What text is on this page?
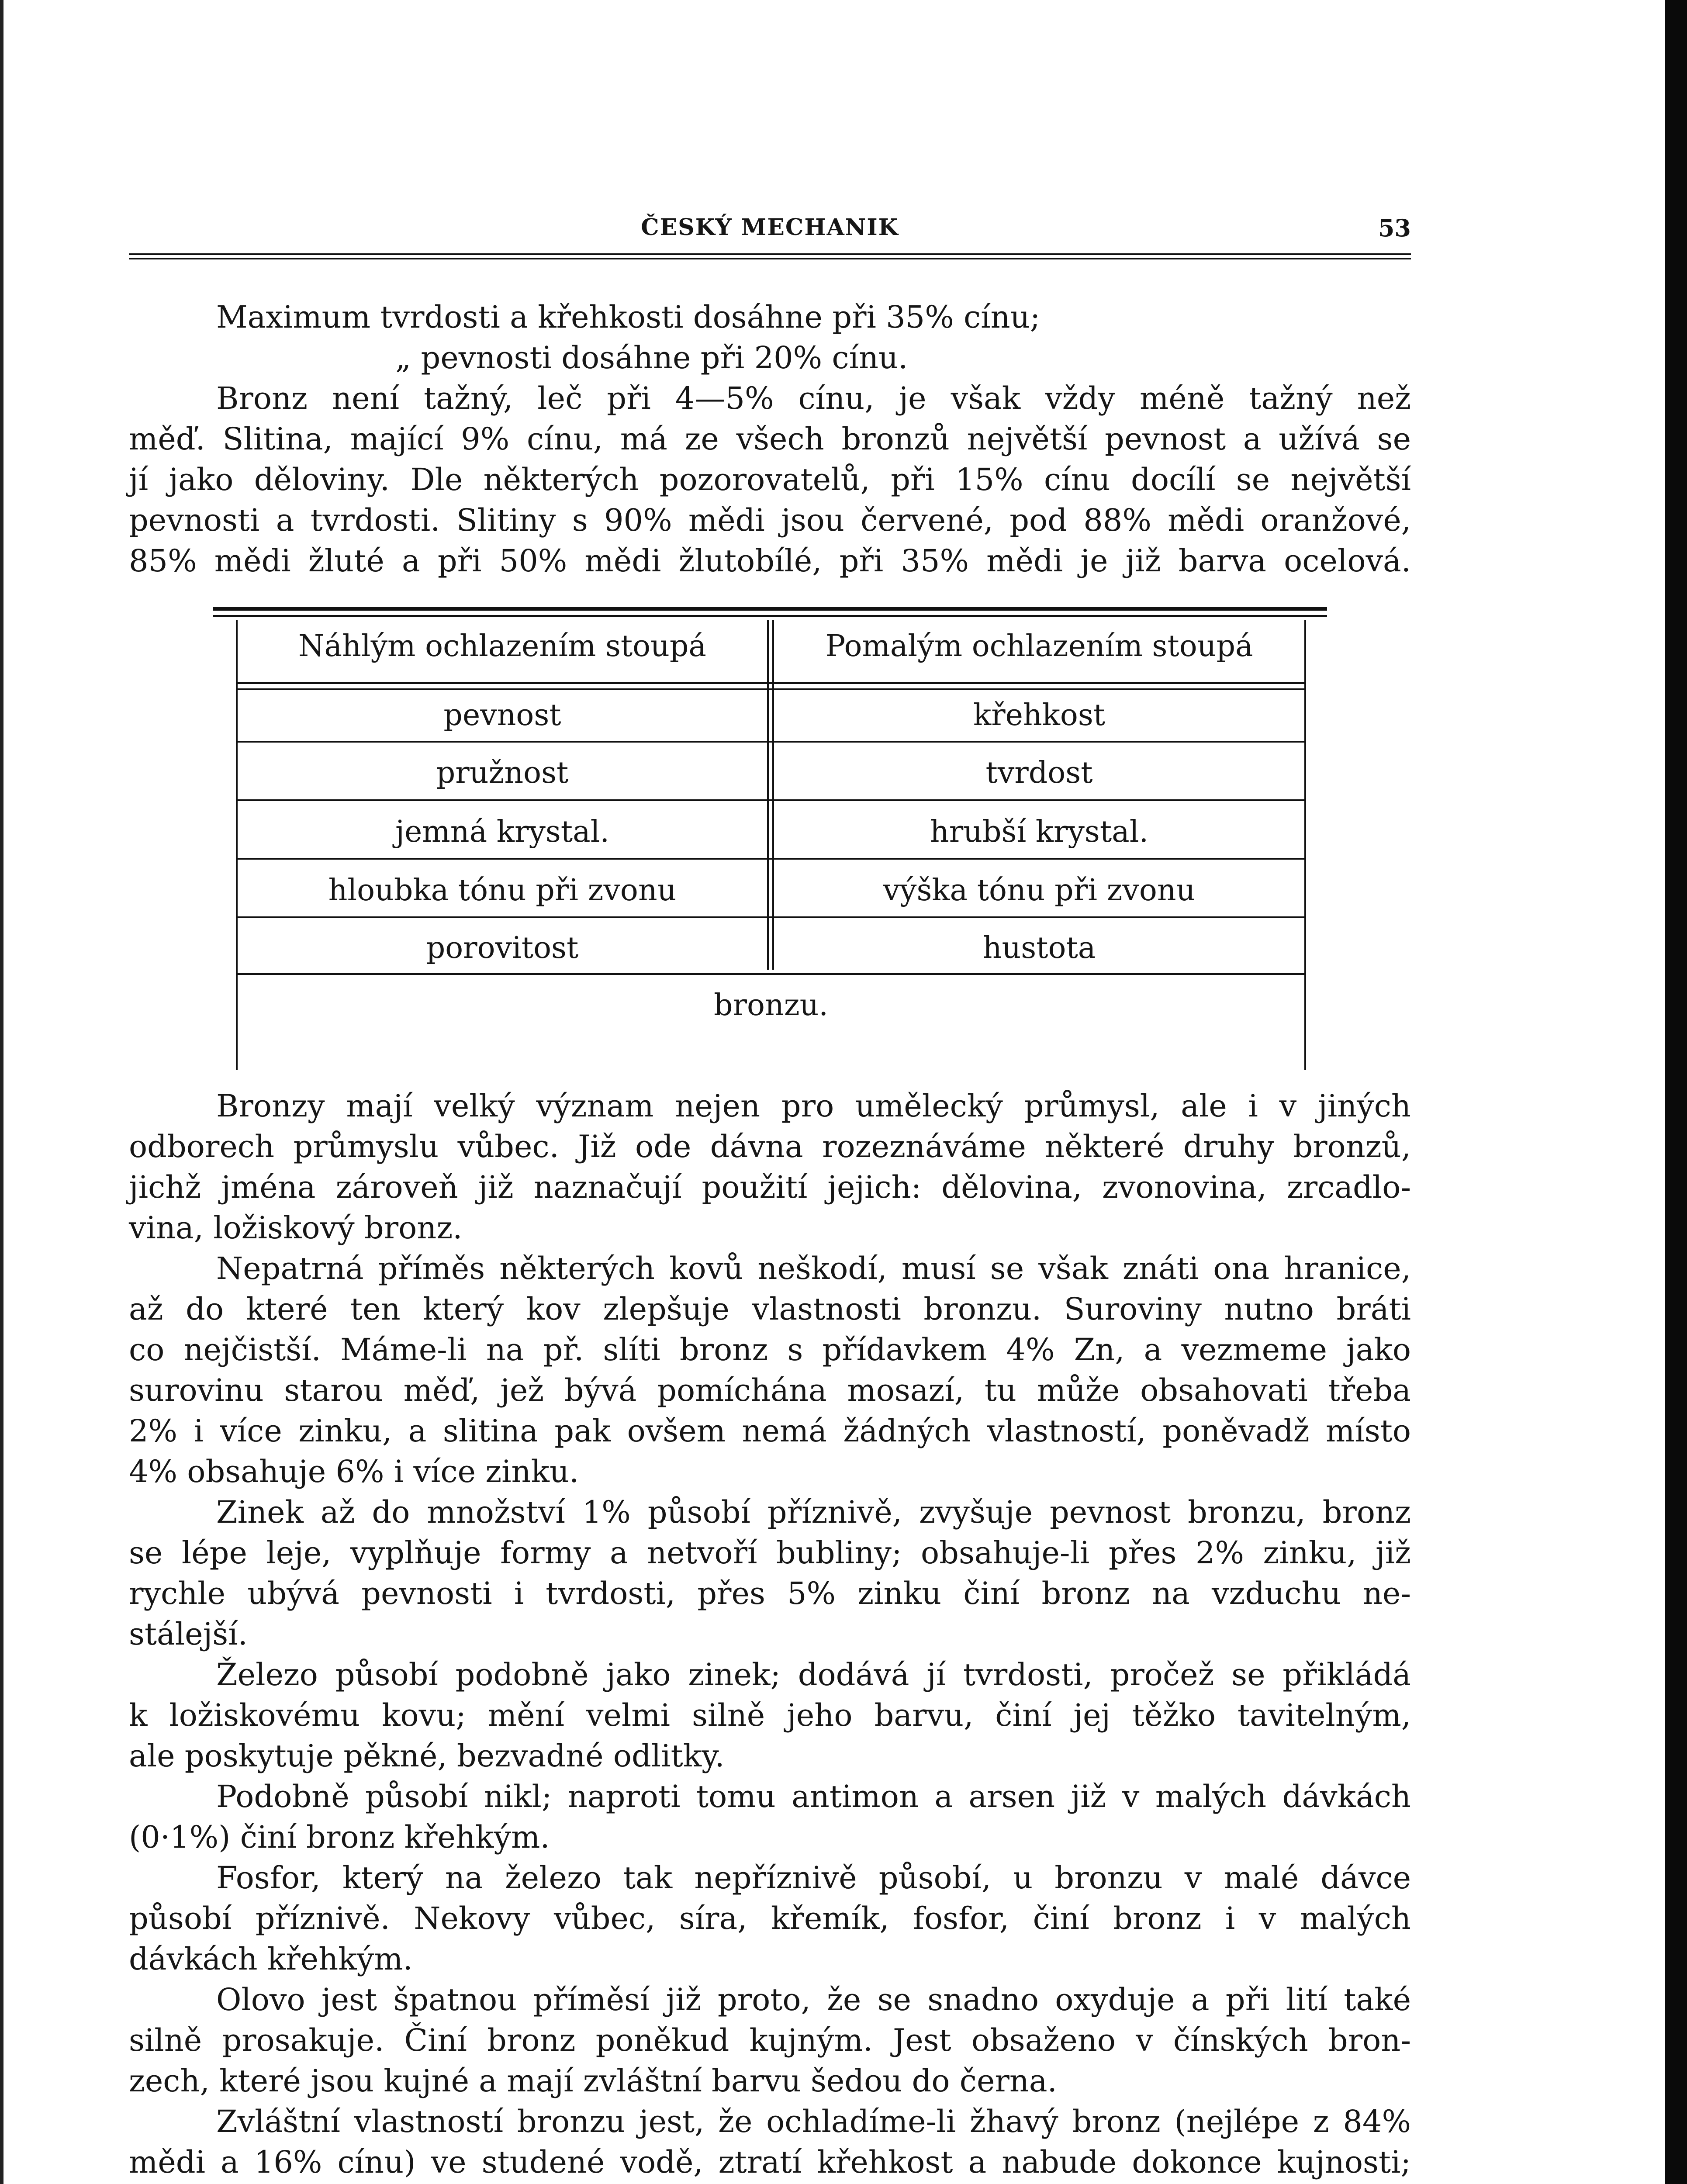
ČESKÝ MECHANIK	53
Maximum tvrdosti a křehkosti dosáhne při 35% cínu;
„ pevnosti dosáhne při 20% cínu.
Bronz není tažný, leč při 4—5% cínu, je však vždy méně tažný než
měď. Slitina, mající 9% cínu, má ze všech bronzů největší pevnost a užívá se
jí jako děloviny. Dle některých pozorovatelů, při 15% cínu docílí se největší
pevnosti a tvrdosti. Slitiny s 90% mědi jsou červené, pod 88% mědi oranžové,
85% mědi žluté a při 50% mědi žlutobílé, při 35% mědi je již barva ocelová.
Náhlým ochlazením stoupá	Pomalým ochlazením stoupá
pevnost	křehkost
pružnost	tvrdost
jemná krystal.	hrubší krystal.
hloubka tónu při zvonu	výška tónu při zvonu
porovitost	hustota
bronzu.
Bronzy mají velký význam nejen pro umělecký průmysl, ale i v jiných
odborech průmyslu vůbec. Již ode dávna rozeznáváme některé druhy bronzů,
jichž jména zároveň již naznačují použití jejich: dělovina, zvonovina, zrcadlo-
vina, ložiskový bronz.
Nepatrná příměs některých kovů neškodí, musí se však znáti ona hranice,
až do které ten který kov zlepšuje vlastnosti bronzu. Suroviny nutno bráti
co nejčistší. Máme-li na př. slíti bronz s přídavkem 4% Zn, a vezmeme jako
surovinu starou měď, jež bývá pomíchána mosazí, tu může obsahovati třeba
2% i více zinku, a slitina pak ovšem nemá žádných vlastností, poněvadž místo
4% obsahuje 6% i více zinku.
Zinek až do množství 1% působí příznivě, zvyšuje pevnost bronzu, bronz
se lépe leje, vyplňuje formy a netvoří bubliny; obsahuje-li přes 2% zinku, již
rychle ubývá pevnosti i tvrdosti, přes 5% zinku činí bronz na vzduchu ne-
stálejší.
Železo působí podobně jako zinek; dodává jí tvrdosti, pročež se přikládá
k ložiskovému kovu; mění velmi silně jeho barvu, činí jej těžko tavitelným,
ale poskytuje pěkné, bezvadné odlitky.
Podobně působí nikl; naproti tomu antimon a arsen již v malých dávkách
(0·1%) činí bronz křehkým.
Fosfor, který na železo tak nepříznivě působí, u bronzu v malé dávce
působí příznivě. Nekovy vůbec, síra, křemík, fosfor, činí bronz i v malých
dávkách křehkým.
Olovo jest špatnou příměsí již proto, že se snadno oxyduje a při lití také
silně prosakuje. Činí bronz poněkud kujným. Jest obsaženo v čínských bron-
zech, které jsou kujné a mají zvláštní barvu šedou do černa.
Zvláštní vlastností bronzu jest, že ochladíme-li žhavý bronz (nejlépe z 84%
mědi a 16% cínu) ve studené vodě, ztratí křehkost a nabude dokonce kujnosti;
